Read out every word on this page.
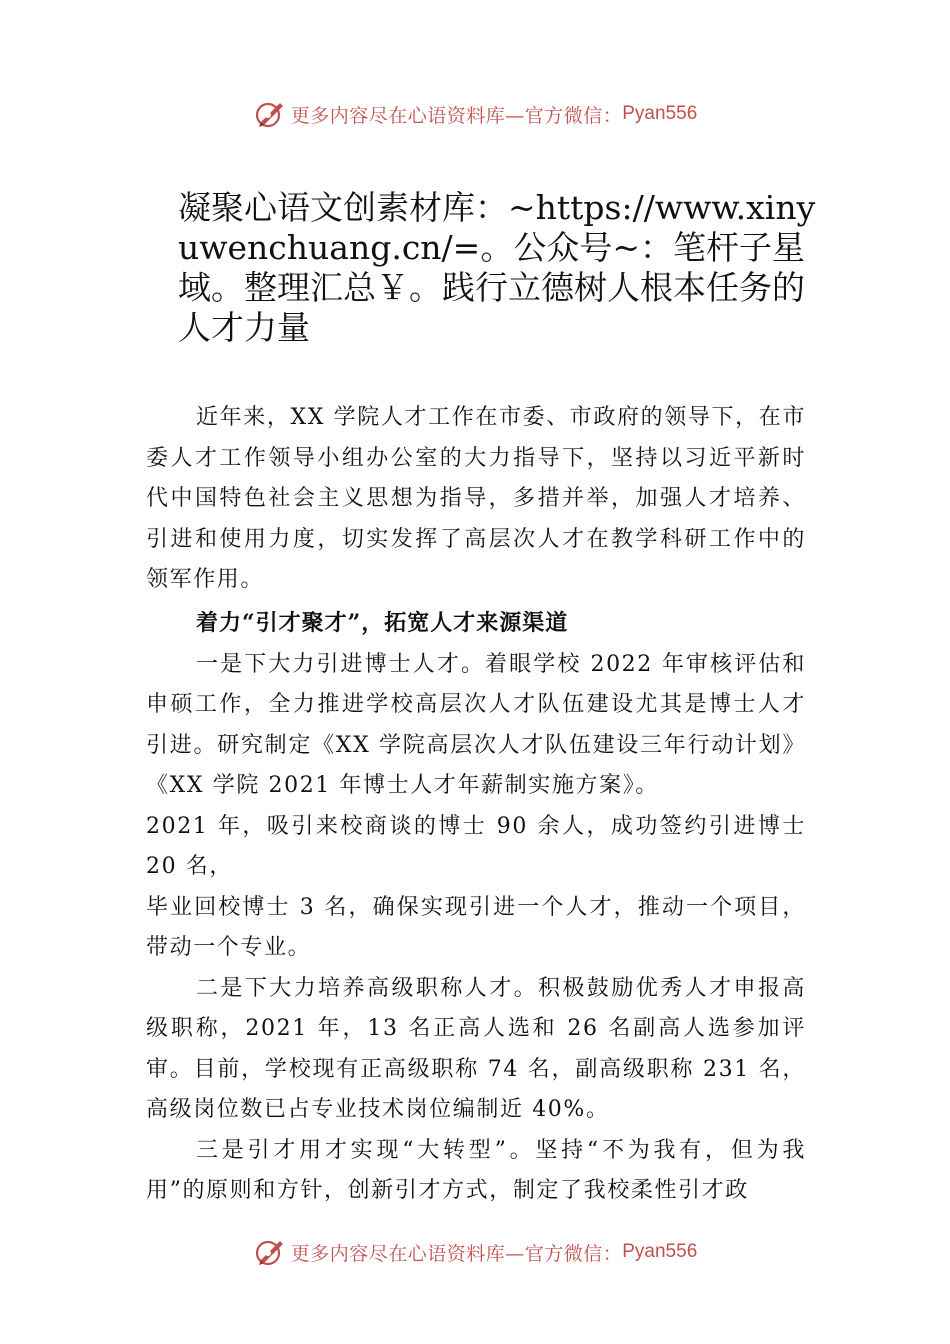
更多内容尽在心语资料库—官方微信： Pyan556
凝聚心语文创素材库：~https://www.xinyuwenchuang.cn/=。公众号~：笔杆子星域。整理汇总￥。践行立德树人根本任务的人才力量

近年来，XX 学院人才工作在市委、市政府的领导下，在市委人才工作领导小组办公室的大力指导下，坚持以习近平新时代中国特色社会主义思想为指导，多措并举，加强人才培养、引进和使用力度，切实发挥了高层次人才在教学科研工作中的领军作用。

着力“引才聚才”，拓宽人才来源渠道

一是下大力引进博士人才。着眼学校 2022 年审核评估和申硕工作，全力推进学校高层次人才队伍建设尤其是博士人才引进。研究制定《XX 学院高层次人才队伍建设三年行动计划》《XX 学院 2021 年博士人才年薪制实施方案》。

2021 年，吸引来校商谈的博士 90 余人，成功签约引进博士 20 名，

毕业回校博士 3 名，确保实现引进一个人才，推动一个项目，带动一个专业。

二是下大力培养高级职称人才。积极鼓励优秀人才申报高级职称，2021 年，13 名正高人选和 26 名副高人选参加评审。目前，学校现有正高级职称 74 名，副高级职称 231 名，高级岗位数已占专业技术岗位编制近 40%。

三是引才用才实现“大转型”。坚持“不为我有，但为我用”的原则和方针，创新引才方式，制定了我校柔性引才政

更多内容尽在心语资料库—官方微信： Pyan556
